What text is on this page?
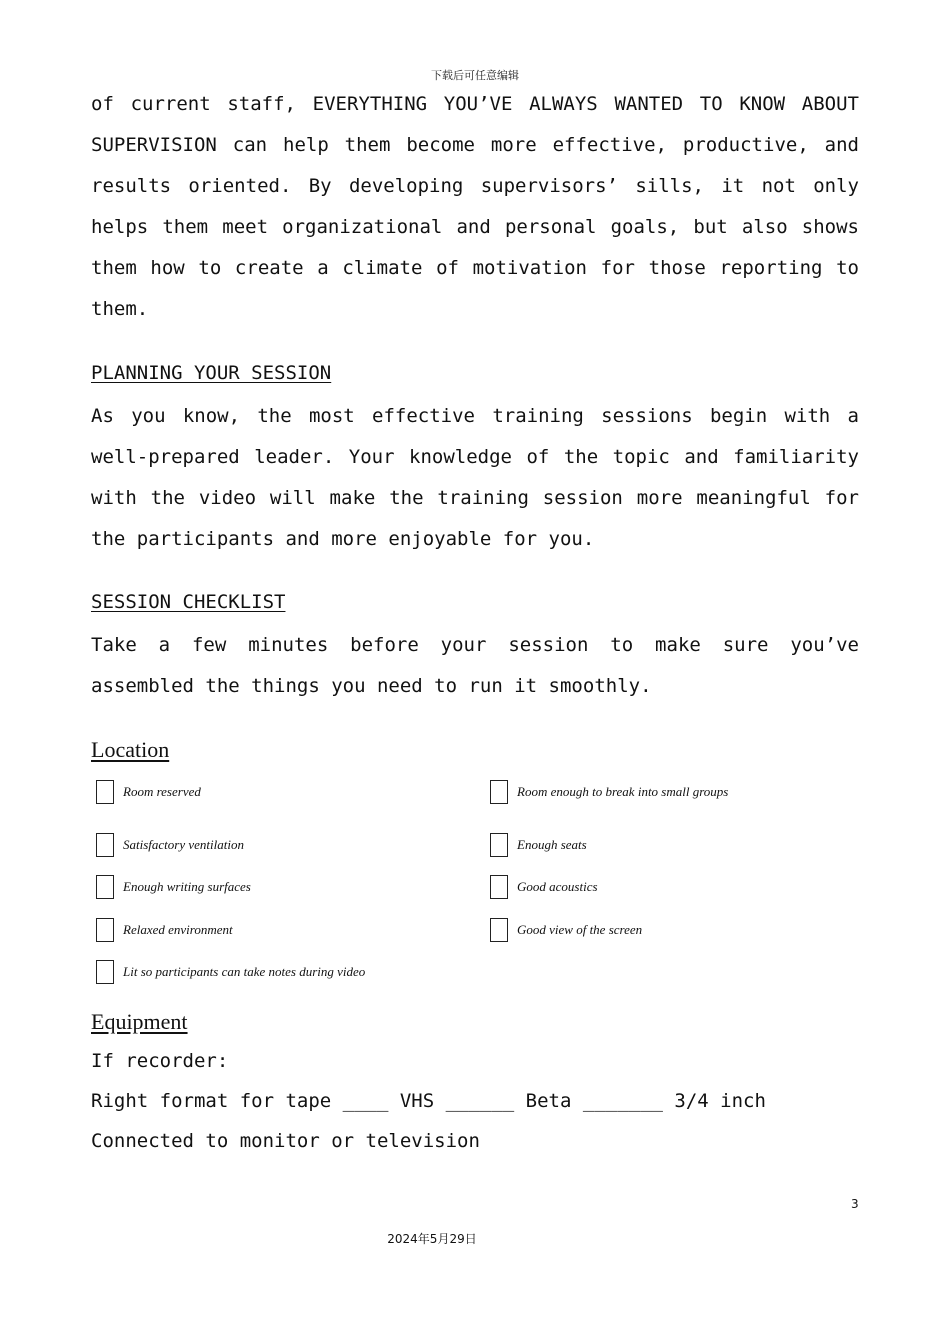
下载后可任意编辑
of current staff, EVERYTHING YOU’VE ALWAYS WANTED TO KNOW ABOUT
SUPERVISION can help them become more effective, productive, and
results oriented. By developing supervisors’ sills, it not only
helps them meet organizational and personal goals, but also shows
them how to create a climate of motivation for those reporting to
them.
PLANNING YOUR SESSION
As you know, the most effective training sessions begin with a
well-prepared leader. Your knowledge of the topic and familiarity
with the video will make the training session more meaningful for
the participants and more enjoyable for you.
SESSION CHECKLIST
Take a few minutes before your session to make sure you’ve
assembled the things you need to run it smoothly.
Location
Room reserved	Room enough to break into small groups
Satisfactory ventilation	Enough seats
Enough writing surfaces	Good acoustics
Relaxed environment	Good view of the screen
Lit so participants can take notes during video
Equipment

If recorder:

Right format for tape ____ VHS ______ Beta _______ 3/4 inch

Connected to monitor or television

3
2024年5月29日
